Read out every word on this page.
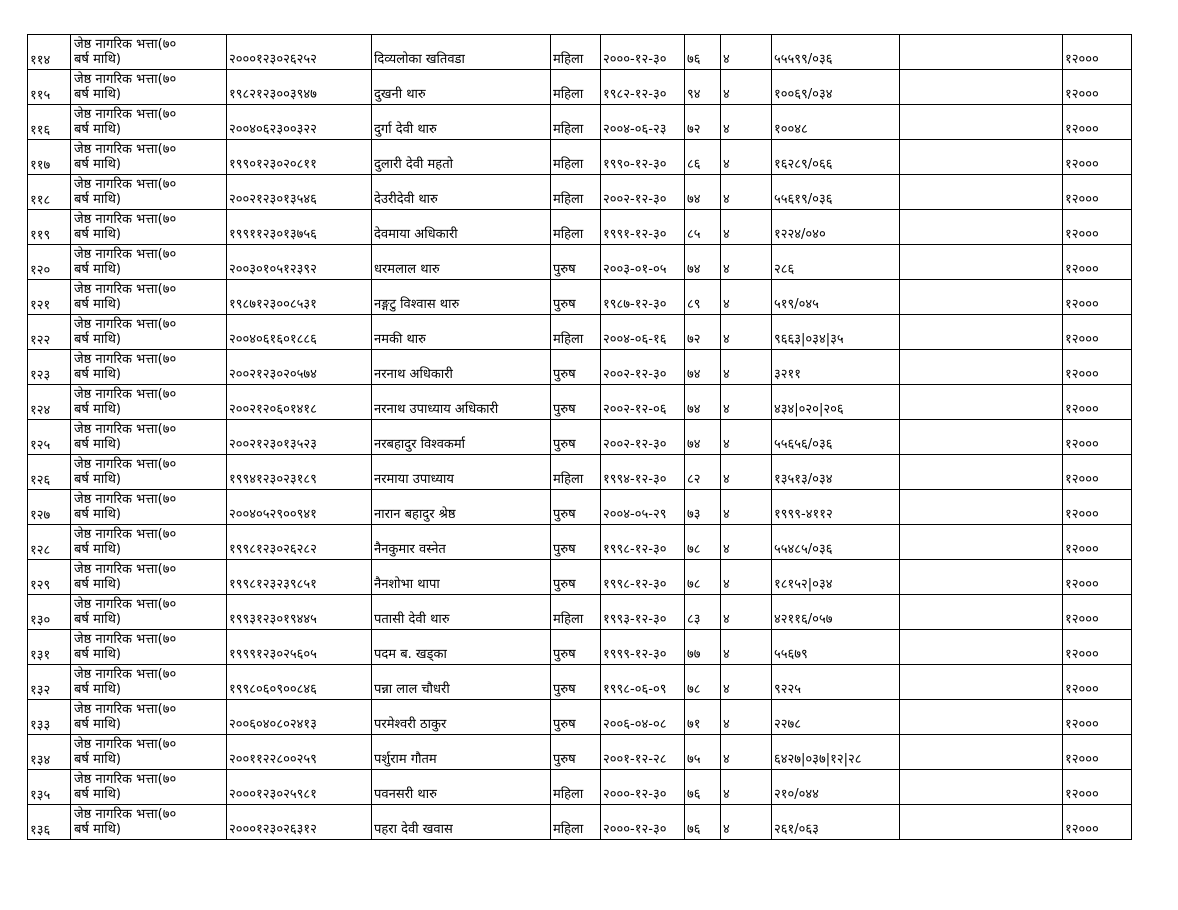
११४	जेष्ठ नागरिक भत्ता(७०
बर्ष माथि)	२०००१२३०२६२५२	दिव्यलोका खतिवडा	महिला	२०००-१२-३०	७६	४	५५५९९/०३६		१२०००
११५	जेष्ठ नागरिक भत्ता(७०
बर्ष माथि)	१९८२१२३००३९४७	दुखनी थारु	महिला	१९८२-१२-३०	९४	४	१००६९/०३४		१२०००
११६	जेष्ठ नागरिक भत्ता(७०
बर्ष माथि)	२००४०६२३००३२२	दुर्गा देवी थारु	महिला	२००४-०६-२३	७२	४	१००४८		१२०००
११७	जेष्ठ नागरिक भत्ता(७०
बर्ष माथि)	१९९०१२३०२०८११	दुलारी देवी महतो	महिला	१९९०-१२-३०	८६	४	१६२८९/०६६		१२०००
११८	जेष्ठ नागरिक भत्ता(७०
बर्ष माथि)	२००२१२३०१३५४६	देउरीदेवी थारु	महिला	२००२-१२-३०	७४	४	५५६१९/०३६		१२०००
११९	जेष्ठ नागरिक भत्ता(७०
बर्ष माथि)	१९९११२३०१३७५६	देवमाया अधिकारी	महिला	१९९१-१२-३०	८५	४	१२२४/०४०		१२०००
१२०	जेष्ठ नागरिक भत्ता(७०
बर्ष माथि)	२००३०१०५१२३९२	धरमलाल थारु	पुरुष	२००३-०१-०५	७४	४	२८६		१२०००
१२१	जेष्ठ नागरिक भत्ता(७०
बर्ष माथि)	१९८७१२३००८५३१	नङ्गटु विश्वास थारु	पुरुष	१९८७-१२-३०	८९	४	५१९/०४५		१२०००
१२२	जेष्ठ नागरिक भत्ता(७०
बर्ष माथि)	२००४०६१६०१८८६	नमकी थारु	महिला	२००४-०६-१६	७२	४	९६६३|०३४|३५		१२०००
१२३	जेष्ठ नागरिक भत्ता(७०
बर्ष माथि)	२००२१२३०२०५७४	नरनाथ अधिकारी	पुरुष	२००२-१२-३०	७४	४	३२११		१२०००
१२४	जेष्ठ नागरिक भत्ता(७०
बर्ष माथि)	२००२१२०६०१४१८	नरनाथ उपाध्याय अधिकारी	पुरुष	२००२-१२-०६	७४	४	४३४|०२०|२०६		१२०००
१२५	जेष्ठ नागरिक भत्ता(७०
बर्ष माथि)	२००२१२३०१३५२३	नरबहादुर विश्वकर्मा	पुरुष	२००२-१२-३०	७४	४	५५६५६/०३६		१२०००
१२६	जेष्ठ नागरिक भत्ता(७०
बर्ष माथि)	१९९४१२३०२३१८९	नरमाया उपाध्याय	महिला	१९९४-१२-३०	८२	४	१३५१३/०३४		१२०००
१२७	जेष्ठ नागरिक भत्ता(७०
बर्ष माथि)	२००४०५२९००९४१	नारान बहादुर श्रेष्ठ	पुरुष	२००४-०५-२९	७३	४	१९९९-४११२		१२०००
१२८	जेष्ठ नागरिक भत्ता(७०
बर्ष माथि)	१९९८१२३०२६२८२	नैनकुमार वस्नेत	पुरुष	१९९८-१२-३०	७८	४	५५४८५/०३६		१२०००
१२९	जेष्ठ नागरिक भत्ता(७०
बर्ष माथि)	१९९८१२३२३९८५१	नैनशोभा थापा	पुरुष	१९९८-१२-३०	७८	४	१८१५२|०३४		१२०००
१३०	जेष्ठ नागरिक भत्ता(७०
बर्ष माथि)	१९९३१२३०१९४४५	पतासी देवी थारु	महिला	१९९३-१२-३०	८३	४	४२११६/०५७		१२०००
१३१	जेष्ठ नागरिक भत्ता(७०
बर्ष माथि)	१९९९१२३०२५६०५	पदम ब. खड्का	पुरुष	१९९९-१२-३०	७७	४	५५६७९		१२०००
१३२	जेष्ठ नागरिक भत्ता(७०
बर्ष माथि)	१९९८०६०९००८४६	पन्ना लाल चौधरी	पुरुष	१९९८-०६-०९	७८	४	९२२५		१२०००
१३३	जेष्ठ नागरिक भत्ता(७०
बर्ष माथि)	२००६०४०८०२४१३	परमेश्वरी ठाकुर	पुरुष	२००६-०४-०८	७१	४	२२७८		१२०००
१३४	जेष्ठ नागरिक भत्ता(७०
बर्ष माथि)	२००११२२८००२५९	पर्शुराम गौतम	पुरुष	२००१-१२-२८	७५	४	६४२७|०३७|१२|२८		१२०००
१३५	जेष्ठ नागरिक भत्ता(७०
बर्ष माथि)	२०००१२३०२५९८१	पवनसरी थारु	महिला	२०००-१२-३०	७६	४	२१०/०४४		१२०००
१३६	जेष्ठ नागरिक भत्ता(७०
बर्ष माथि)	२०००१२३०२६३१२	पहरा देवी खवास	महिला	२०००-१२-३०	७६	४	२६१/०६३		१२०००
